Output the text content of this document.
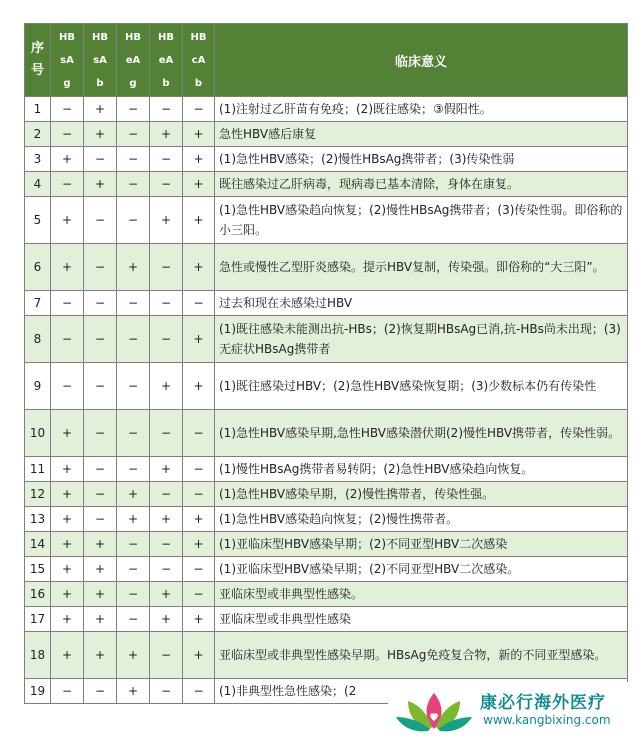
序
号	HB
sA
g	HB
sA
b	HB
eA
g	HB
eA
b	HB
cA
b	临床意义
1	−	+	−	−	−	(1)注射过乙肝苗有免疫；(2)既往感染；③假阳性。
2	−	+	−	+	+	急性HBV感后康复
3	+	−	−	−	+	(1)急性HBV感染；(2)慢性HBsAg携带者；(3)传染性弱
4	−	+	−	−	+	既往感染过乙肝病毒，现病毒已基本清除，身体在康复。
5	+	−	−	+	+	(1)急性HBV感染趋向恢复；(2)慢性HBsAg携带者；(3)传染性弱。即俗称的小三阳。
6	+	−	+	−	+	急性或慢性乙型肝炎感染。提示HBV复制，传染强。即俗称的“大三阳”。
7	−	−	−	−	−	过去和现在未感染过HBV
8	−	−	−	−	+	(1)既往感染未能测出抗-HBs；(2)恢复期HBsAg已消,抗-HBs尚未出现；(3)无症状HBsAg携带者
9	−	−	−	+	+	(1)既往感染过HBV；(2)急性HBV感染恢复期；(3)少数标本仍有传染性
10	+	−	−	−	−	(1)急性HBV感染早期,急性HBV感染潜伏期(2)慢性HBV携带者，传染性弱。
11	+	−	−	+	−	(1)慢性HBsAg携带者易转阴；(2)急性HBV感染趋向恢复。
12	+	−	+	−	−	(1)急性HBV感染早期，(2)慢性携带者，传染性强。
13	+	−	+	+	+	(1)急性HBV感染趋向恢复；(2)慢性携带者。
14	+	+	−	−	+	(1)亚临床型HBV感染早期；(2)不同亚型HBV二次感染
15	+	+	−	−	−	(1)亚临床型HBV感染早期；(2)不同亚型HBV二次感染。
16	+	+	−	+	−	亚临床型或非典型性感染。
17	+	+	−	+	+	亚临床型或非典型性感染
18	+	+	+	−	+	亚临床型或非典型性感染早期。HBsAg免疫复合物，新的不同亚型感染。
19	−	−	+	−	−	(1)非典型性急性感染；(2
康必行海外医疗
www.kangbixing.com
